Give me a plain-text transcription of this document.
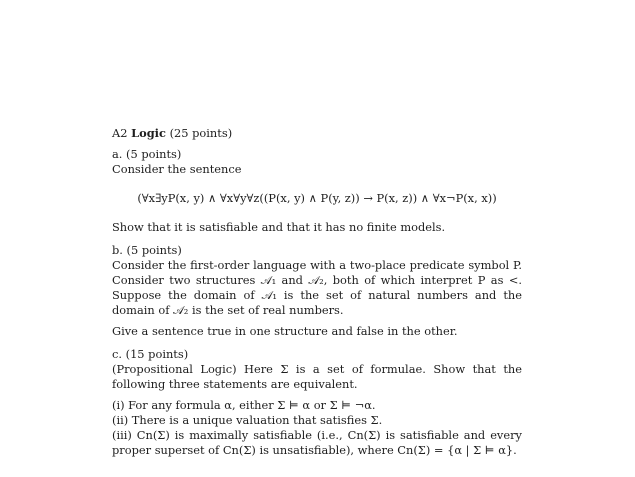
A2 Logic (25 points)

a. (5 points)

Consider the sentence

(∀x∃yP(x, y) ∧ ∀x∀y∀z((P(x, y) ∧ P(y, z)) → P(x, z)) ∧ ∀x¬P(x, x))

Show that it is satisfiable and that it has no finite models.

b. (5 points)

Consider the first-order language with a two-place predicate symbol P. Consider two structures 𝒜₁ and 𝒜₂, both of which interpret P as <. Suppose the domain of 𝒜₁ is the set of natural numbers and the domain of 𝒜₂ is the set of real numbers.

Give a sentence true in one structure and false in the other.

c. (15 points)

(Propositional Logic) Here Σ is a set of formulae. Show that the following three statements are equivalent.

(i) For any formula α, either Σ ⊨ α or Σ ⊨ ¬α.

(ii) There is a unique valuation that satisfies Σ.

(iii) Cn(Σ) is maximally satisfiable (i.e., Cn(Σ) is satisfiable and every proper superset of Cn(Σ) is unsatisfiable), where Cn(Σ) = {α | Σ ⊨ α}.
